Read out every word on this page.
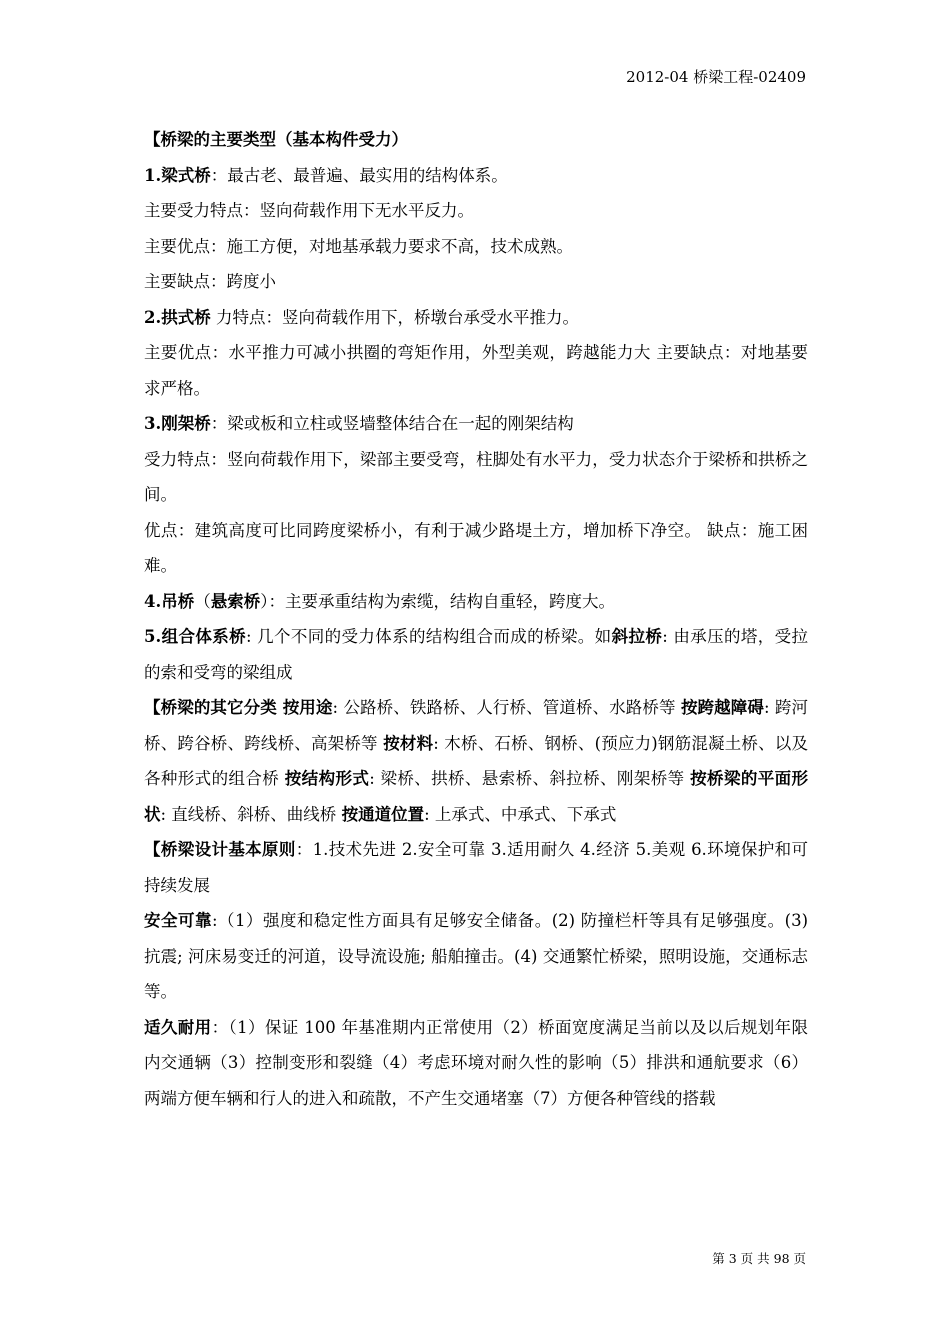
2012-04 桥梁工程-02409

【桥梁的主要类型（基本构件受力）

1.梁式桥：最古老、最普遍、最实用的结构体系。

主要受力特点：竖向荷载作用下无水平反力。

主要优点：施工方便，对地基承载力要求不高，技术成熟。

主要缺点：跨度小

2.拱式桥 力特点：竖向荷载作用下，桥墩台承受水平推力。

主要优点：水平推力可减小拱圈的弯矩作用，外型美观，跨越能力大 主要缺点：对地基要求严格。

3.刚架桥：梁或板和立柱或竖墙整体结合在一起的刚架结构

受力特点：竖向荷载作用下，梁部主要受弯，柱脚处有水平力，受力状态介于梁桥和拱桥之间。

优点：建筑高度可比同跨度梁桥小，有利于减少路堤土方，增加桥下净空。 缺点：施工困难。

4.吊桥（悬索桥）：主要承重结构为索缆，结构自重轻，跨度大。

5.组合体系桥: 几个不同的受力体系的结构组合而成的桥梁。如斜拉桥: 由承压的塔，受拉的索和受弯的梁组成

【桥梁的其它分类 按用途: 公路桥、铁路桥、人行桥、管道桥、水路桥等 按跨越障碍: 跨河桥、跨谷桥、跨线桥、高架桥等 按材料: 木桥、石桥、钢桥、(预应力)钢筋混凝土桥、以及各种形式的组合桥 按结构形式: 梁桥、拱桥、悬索桥、斜拉桥、刚架桥等 按桥梁的平面形状: 直线桥、斜桥、曲线桥 按通道位置: 上承式、中承式、下承式

【桥梁设计基本原则：1.技术先进 2.安全可靠 3.适用耐久 4.经济 5.美观 6.环境保护和可持续发展

安全可靠:（1）强度和稳定性方面具有足够安全储备。(2) 防撞栏杆等具有足够强度。(3) 抗震; 河床易变迁的河道，设导流设施; 船舶撞击。(4) 交通繁忙桥梁，照明设施，交通标志等。

适久耐用：（1）保证 100 年基准期内正常使用（2）桥面宽度满足当前以及以后规划年限内交通辆（3）控制变形和裂缝（4）考虑环境对耐久性的影响（5）排洪和通航要求（6）两端方便车辆和行人的进入和疏散，不产生交通堵塞（7）方便各种管线的搭载

第 3 页 共 98 页
